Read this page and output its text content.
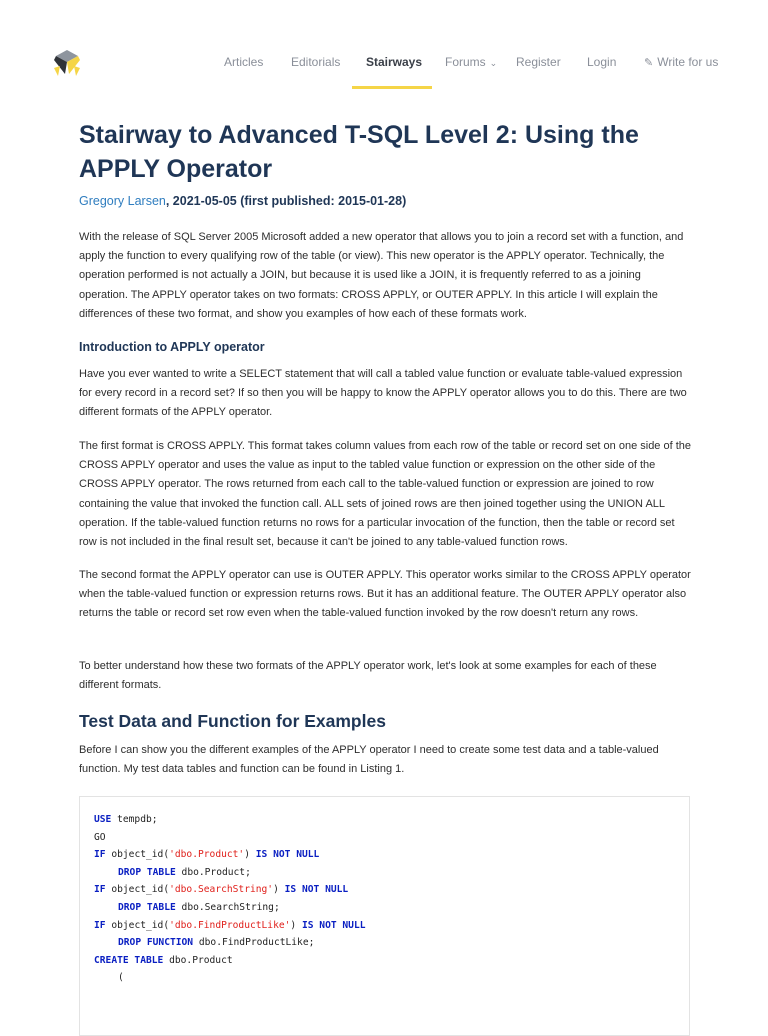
Articles Editorials Stairways Forums ⌄ Register Login	✎ Write for us
Stairway to Advanced T-SQL Level 2: Using the APPLY Operator
Gregory Larsen, 2021-05-05 (first published: 2015-01-28)

With the release of SQL Server 2005 Microsoft added a new operator that allows you to join a record set with a function, and apply the function to every qualifying row of the table (or view). This new operator is the APPLY operator. Technically, the operation performed is not actually a JOIN, but because it is used like a JOIN, it is frequently referred to as a joining operation. The APPLY operator takes on two formats: CROSS APPLY, or OUTER APPLY. In this article I will explain the differences of these two format, and show you examples of how each of these formats work.

Introduction to APPLY operator

Have you ever wanted to write a SELECT statement that will call a tabled value function or evaluate table-valued expression for every record in a record set? If so then you will be happy to know the APPLY operator allows you to do this. There are two different formats of the APPLY operator.

The first format is CROSS APPLY. This format takes column values from each row of the table or record set on one side of the CROSS APPLY operator and uses the value as input to the tabled value function or expression on the other side of the CROSS APPLY operator. The rows returned from each call to the table-valued function or expression are joined to row containing the value that invoked the function call. ALL sets of joined rows are then joined together using the UNION ALL operation. If the table-valued function returns no rows for a particular invocation of the function, then the table or record set row is not included in the final result set, because it can't be joined to any table-valued function rows.

The second format the APPLY operator can use is OUTER APPLY. This operator works similar to the CROSS APPLY operator when the table-valued function or expression returns rows. But it has an additional feature. The OUTER APPLY operator also returns the table or record set row even when the table-valued function invoked by the row doesn't return any rows.

To better understand how these two formats of the APPLY operator work, let's look at some examples for each of these different formats.

Test Data and Function for Examples

Before I can show you the different examples of the APPLY operator I need to create some test data and a table-valued function. My test data tables and function can be found in Listing 1.

USE tempdb;
GO
IF object_id('dbo.Product') IS NOT NULL
DROP TABLE dbo.Product;
IF object_id('dbo.SearchString') IS NOT NULL
DROP TABLE dbo.SearchString;
IF object_id('dbo.FindProductLike') IS NOT NULL
DROP FUNCTION dbo.FindProductLike;
CREATE TABLE dbo.Product
(
